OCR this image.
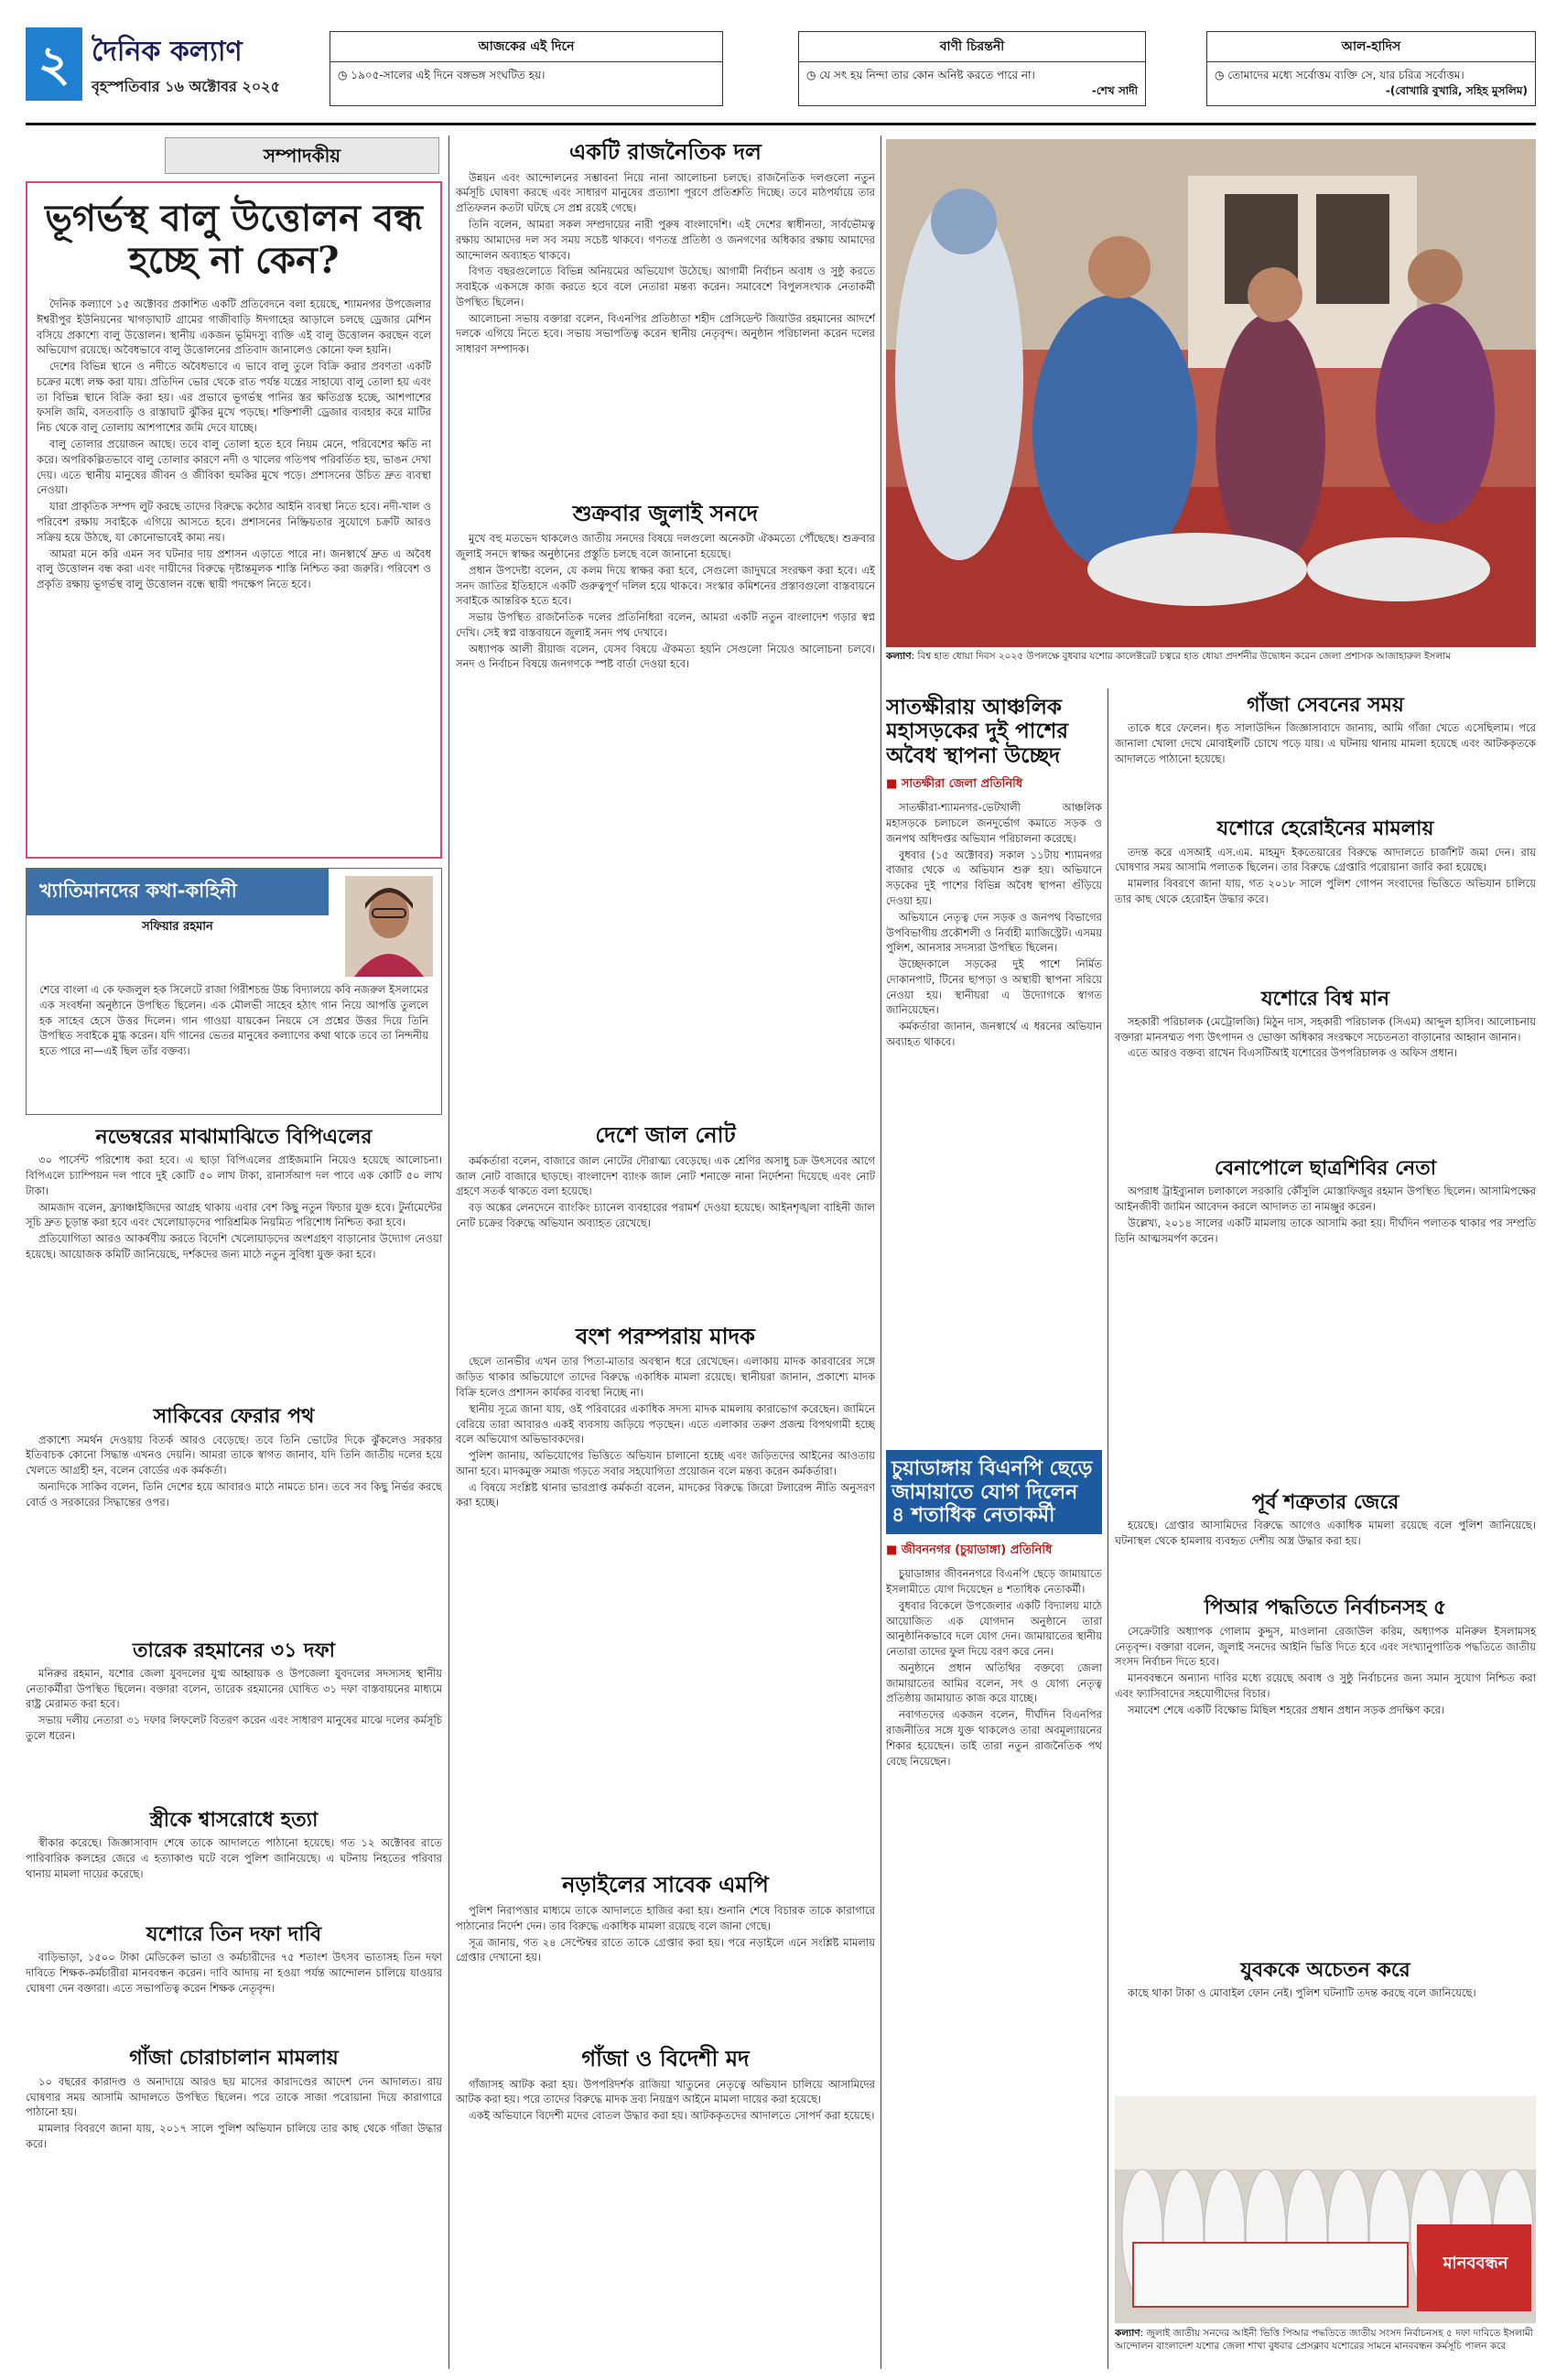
২ দৈনিক কল্যাণ
বৃহস্পতিবার ১৬ অক্টোবর ২০২৫
আজকের এই দিনে
◷ ১৯০৫-সালের এই দিনে বঙ্গভঙ্গ সংঘটিত হয়।
বাণী চিরন্তনী
◷ যে সৎ হয় নিন্দা তার কোন অনিষ্ট করতে পারে না।
-শেখ সাদী
আল-হাদিস
◷ তোমাদের মধ্যে সর্বোত্তম ব্যক্তি সে, যার চরিত্র সর্বোত্তম।
-(বোখারি বুখারি, সহিহ মুসলিম)
সম্পাদকীয়
ভূগর্ভস্থ বালু উত্তোলন বন্ধ হচ্ছে না কেন?

দৈনিক কল্যাণে ১৫ অক্টোবর প্রকাশিত একটি প্রতিবেদনে বলা হয়েছে, শ্যামনগর উপজেলার ঈশ্বরীপুর ইউনিয়নের খাগড়াঘাট গ্রামের গাজীবাড়ি ঈদগাহের আড়ালে চলছে ড্রেজার মেশিন বসিয়ে প্রকাশ্যে বালু উত্তোলন। স্থানীয় একজন ভূমিদস্যু ব্যক্তি এই বালু উত্তোলন করছেন বলে অভিযোগ রয়েছে। অবৈধভাবে বালু উত্তোলনের প্রতিবাদ জানালেও কোনো ফল হয়নি।

দেশের বিভিন্ন স্থানে ও নদীতে অবৈধভাবে এ ভাবে বালু তুলে বিক্রি করার প্রবণতা একটি চক্রের মধ্যে লক্ষ করা যায়। প্রতিদিন ভোর থেকে রাত পর্যন্ত যন্ত্রের সাহায্যে বালু তোলা হয় এবং তা বিভিন্ন স্থানে বিক্রি করা হয়। এর প্রভাবে ভূগর্ভস্থ পানির স্তর ক্ষতিগ্রস্ত হচ্ছে, আশপাশের ফসলি জমি, বসতবাড়ি ও রাস্তাঘাট ঝুঁকির মুখে পড়ছে। শক্তিশালী ড্রেজার ব্যবহার করে মাটির নিচ থেকে বালু তোলায় আশপাশের জমি দেবে যাচ্ছে।

বালু তোলার প্রয়োজন আছে। তবে বালু তোলা হতে হবে নিয়ম মেনে, পরিবেশের ক্ষতি না করে। অপরিকল্পিতভাবে বালু তোলার কারণে নদী ও খালের গতিপথ পরিবর্তিত হয়, ভাঙন দেখা দেয়। এতে স্থানীয় মানুষের জীবন ও জীবিকা হুমকির মুখে পড়ে। প্রশাসনের উচিত দ্রুত ব্যবস্থা নেওয়া।

যারা প্রাকৃতিক সম্পদ লুট করছে তাদের বিরুদ্ধে কঠোর আইনি ব্যবস্থা নিতে হবে। নদী-খাল ও পরিবেশ রক্ষায় সবাইকে এগিয়ে আসতে হবে। প্রশাসনের নিষ্ক্রিয়তার সুযোগে চক্রটি আরও সক্রিয় হয়ে উঠছে, যা কোনোভাবেই কাম্য নয়।

আমরা মনে করি এমন সব ঘটনার দায় প্রশাসন এড়াতে পারে না। জনস্বার্থে দ্রুত এ অবৈধ বালু উত্তোলন বন্ধ করা এবং দায়ীদের বিরুদ্ধে দৃষ্টান্তমূলক শাস্তি নিশ্চিত করা জরুরি। পরিবেশ ও প্রকৃতি রক্ষায় ভূগর্ভস্থ বালু উত্তোলন বন্ধে স্থায়ী পদক্ষেপ নিতে হবে।

খ্যাতিমানদের কথা-কাহিনী
সফিয়ার রহমান
শেরে বাংলা এ কে ফজলুল হক সিলেটে রাজা গিরীশচন্দ্র উচ্চ বিদ্যালয়ে কবি নজরুল ইসলামের এক সংবর্ধনা অনুষ্ঠানে উপস্থিত ছিলেন। এক মৌলভী সাহেব হঠাৎ গান নিয়ে আপত্তি তুললে হক সাহেব হেসে উত্তর দিলেন। গান গাওয়া যায়কেন নিয়মে সে প্রশ্নের উত্তর দিয়ে তিনি উপস্থিত সবাইকে মুগ্ধ করেন। যদি গানের ভেতর মানুষের কল্যাণের কথা থাকে তবে তা নিন্দনীয় হতে পারে না—এই ছিল তাঁর বক্তব্য।
নভেম্বরের মাঝামাঝিতে বিপিএলের

৩০ পার্সেন্ট পরিশোধ করা হবে। এ ছাড়া বিপিএলের প্রাইজমানি নিয়েও হয়েছে আলোচনা। বিপিএলে চ্যাম্পিয়ন দল পাবে দুই কোটি ৫০ লাখ টাকা, রানার্সআপ দল পাবে এক কোটি ৫০ লাখ টাকা।

আমজাদ বলেন, ফ্র্যাঞ্চাইজিদের আগ্রহ থাকায় এবার বেশ কিছু নতুন ফিচার যুক্ত হবে। টুর্নামেন্টের সূচি দ্রুত চূড়ান্ত করা হবে এবং খেলোয়াড়দের পারিশ্রমিক নিয়মিত পরিশোধ নিশ্চিত করা হবে।

প্রতিযোগিতা আরও আকর্ষণীয় করতে বিদেশি খেলোয়াড়দের অংশগ্রহণ বাড়ানোর উদ্যোগ নেওয়া হয়েছে। আয়োজক কমিটি জানিয়েছে, দর্শকদের জন্য মাঠে নতুন সুবিধা যুক্ত করা হবে।

সাকিবের ফেরার পথ

প্রকাশ্যে সমর্থন দেওয়ায় বিতর্ক আরও বেড়েছে। তবে তিনি ভোটের দিকে ঝুঁকলেও সরকার ইতিবাচক কোনো সিদ্ধান্ত এখনও দেয়নি। আমরা তাকে স্বাগত জানাব, যদি তিনি জাতীয় দলের হয়ে খেলতে আগ্রহী হন, বলেন বোর্ডের এক কর্মকর্তা।

অন্যদিকে সাকিব বলেন, তিনি দেশের হয়ে আবারও মাঠে নামতে চান। তবে সব কিছু নির্ভর করছে বোর্ড ও সরকারের সিদ্ধান্তের ওপর।

তারেক রহমানের ৩১ দফা

মনিরুর রহমান, যশোর জেলা যুবদলের যুগ্ম আহ্বায়ক ও উপজেলা যুবদলের সদস্যসহ স্থানীয় নেতাকর্মীরা উপস্থিত ছিলেন। বক্তারা বলেন, তারেক রহমানের ঘোষিত ৩১ দফা বাস্তবায়নের মাধ্যমে রাষ্ট্র মেরামত করা হবে।

সভায় দলীয় নেতারা ৩১ দফার লিফলেট বিতরণ করেন এবং সাধারণ মানুষের মাঝে দলের কর্মসূচি তুলে ধরেন।

স্ত্রীকে শ্বাসরোধে হত্যা

স্বীকার করেছে। জিজ্ঞাসাবাদ শেষে তাকে আদালতে পাঠানো হয়েছে। গত ১২ অক্টোবর রাতে পারিবারিক কলহের জেরে এ হত্যাকাণ্ড ঘটে বলে পুলিশ জানিয়েছে। এ ঘটনায় নিহতের পরিবার থানায় মামলা দায়ের করেছে।

যশোরে তিন দফা দাবি

বাড়িভাড়া, ১৫০০ টাকা মেডিকেল ভাতা ও কর্মচারীদের ৭৫ শতাংশ উৎসব ভাতাসহ তিন দফা দাবিতে শিক্ষক-কর্মচারীরা মানববন্ধন করেন। দাবি আদায় না হওয়া পর্যন্ত আন্দোলন চালিয়ে যাওয়ার ঘোষণা দেন বক্তারা। এতে সভাপতিত্ব করেন শিক্ষক নেতৃবৃন্দ।

গাঁজা চোরাচালান মামলায়

১০ বছরের কারাদণ্ড ও অনাদায়ে আরও ছয় মাসের কারাদণ্ডের আদেশ দেন আদালত। রায় ঘোষণার সময় আসামি আদালতে উপস্থিত ছিলেন। পরে তাকে সাজা পরোয়ানা দিয়ে কারাগারে পাঠানো হয়।

মামলার বিবরণে জানা যায়, ২০১৭ সালে পুলিশ অভিযান চালিয়ে তার কাছ থেকে গাঁজা উদ্ধার করে।

একটি রাজনৈতিক দল

উন্নয়ন এবং আন্দোলনের সম্ভাবনা নিয়ে নানা আলোচনা চলছে। রাজনৈতিক দলগুলো নতুন কর্মসূচি ঘোষণা করছে এবং সাধারণ মানুষের প্রত্যাশা পূরণে প্রতিশ্রুতি দিচ্ছে। তবে মাঠপর্যায়ে তার প্রতিফলন কতটা ঘটছে সে প্রশ্ন রয়েই গেছে।

তিনি বলেন, আমরা সকল সম্প্রদায়ের নারী পুরুষ বাংলাদেশি। এই দেশের স্বাধীনতা, সার্বভৌমত্ব রক্ষায় আমাদের দল সব সময় সচেষ্ট থাকবে। গণতন্ত্র প্রতিষ্ঠা ও জনগণের অধিকার রক্ষায় আমাদের আন্দোলন অব্যাহত থাকবে।

বিগত বছরগুলোতে বিভিন্ন অনিয়মের অভিযোগ উঠেছে। আগামী নির্বাচন অবাধ ও সুষ্ঠু করতে সবাইকে একসঙ্গে কাজ করতে হবে বলে নেতারা মন্তব্য করেন। সমাবেশে বিপুলসংখ্যক নেতাকর্মী উপস্থিত ছিলেন।

আলোচনা সভায় বক্তারা বলেন, বিএনপির প্রতিষ্ঠাতা শহীদ প্রেসিডেন্ট জিয়াউর রহমানের আদর্শে দলকে এগিয়ে নিতে হবে। সভায় সভাপতিত্ব করেন স্থানীয় নেতৃবৃন্দ। অনুষ্ঠান পরিচালনা করেন দলের সাধারণ সম্পাদক।

শুক্রবার জুলাই সনদে

মুখে বহু মতভেদ থাকলেও জাতীয় সনদের বিষয়ে দলগুলো অনেকটা ঐকমত্যে পৌঁছেছে। শুক্রবার জুলাই সনদে স্বাক্ষর অনুষ্ঠানের প্রস্তুতি চলছে বলে জানানো হয়েছে।

প্রধান উপদেষ্টা বলেন, যে কলম দিয়ে স্বাক্ষর করা হবে, সেগুলো জাদুঘরে সংরক্ষণ করা হবে। এই সনদ জাতির ইতিহাসে একটি গুরুত্বপূর্ণ দলিল হয়ে থাকবে। সংস্কার কমিশনের প্রস্তাবগুলো বাস্তবায়নে সবাইকে আন্তরিক হতে হবে।

সভায় উপস্থিত রাজনৈতিক দলের প্রতিনিধিরা বলেন, আমরা একটি নতুন বাংলাদেশ গড়ার স্বপ্ন দেখি। সেই স্বপ্ন বাস্তবায়নে জুলাই সনদ পথ দেখাবে।

অধ্যাপক আলী রীয়াজ বলেন, যেসব বিষয়ে ঐকমত্য হয়নি সেগুলো নিয়েও আলোচনা চলবে। সনদ ও নির্বাচন বিষয়ে জনগণকে স্পষ্ট বার্তা দেওয়া হবে।

দেশে জাল নোট

কর্মকর্তারা বলেন, বাজারে জাল নোটের দৌরাত্ম্য বেড়েছে। এক শ্রেণির অসাধু চক্র উৎসবের আগে জাল নোট বাজারে ছাড়ছে। বাংলাদেশ ব্যাংক জাল নোট শনাক্তে নানা নির্দেশনা দিয়েছে এবং নোট গ্রহণে সতর্ক থাকতে বলা হয়েছে।

বড় অঙ্কের লেনদেনে ব্যাংকিং চ্যানেল ব্যবহারের পরামর্শ দেওয়া হয়েছে। আইনশৃঙ্খলা বাহিনী জাল নোট চক্রের বিরুদ্ধে অভিযান অব্যাহত রেখেছে।

বংশ পরম্পরায় মাদক

ছেলে তানভীর এখন তার পিতা-মাতার অবস্থান ধরে রেখেছেন। এলাকায় মাদক কারবারের সঙ্গে জড়িত থাকার অভিযোগে তাদের বিরুদ্ধে একাধিক মামলা রয়েছে। স্থানীয়রা জানান, প্রকাশ্যে মাদক বিক্রি হলেও প্রশাসন কার্যকর ব্যবস্থা নিচ্ছে না।

স্থানীয় সূত্রে জানা যায়, ওই পরিবারের একাধিক সদস্য মাদক মামলায় কারাভোগ করেছেন। জামিনে বেরিয়ে তারা আবারও একই ব্যবসায় জড়িয়ে পড়ছেন। এতে এলাকার তরুণ প্রজন্ম বিপথগামী হচ্ছে বলে অভিযোগ অভিভাবকদের।

পুলিশ জানায়, অভিযোগের ভিত্তিতে অভিযান চালানো হচ্ছে এবং জড়িতদের আইনের আওতায় আনা হবে। মাদকমুক্ত সমাজ গড়তে সবার সহযোগিতা প্রয়োজন বলে মন্তব্য করেন কর্মকর্তারা।

এ বিষয়ে সংশ্লিষ্ট থানার ভারপ্রাপ্ত কর্মকর্তা বলেন, মাদকের বিরুদ্ধে জিরো টলারেন্স নীতি অনুসরণ করা হচ্ছে।

নড়াইলের সাবেক এমপি

পুলিশ নিরাপত্তার মাধ্যমে তাকে আদালতে হাজির করা হয়। শুনানি শেষে বিচারক তাকে কারাগারে পাঠানোর নির্দেশ দেন। তার বিরুদ্ধে একাধিক মামলা রয়েছে বলে জানা গেছে।

সূত্র জানায়, গত ২৪ সেপ্টেম্বর রাতে তাকে গ্রেপ্তার করা হয়। পরে নড়াইলে এনে সংশ্লিষ্ট মামলায় গ্রেপ্তার দেখানো হয়।

গাঁজা ও বিদেশী মদ

গাঁজাসহ আটক করা হয়। উপপরিদর্শক রাজিয়া খাতুনের নেতৃত্বে অভিযান চালিয়ে আসামিদের আটক করা হয়। পরে তাদের বিরুদ্ধে মাদক দ্রব্য নিয়ন্ত্রণ আইনে মামলা দায়ের করা হয়েছে।

একই অভিযানে বিদেশী মদের বোতল উদ্ধার করা হয়। আটককৃতদের আদালতে সোপর্দ করা হয়েছে।

কল্যাণ: বিশ্ব হাত ধোয়া দিবস ২০২৫ উপলক্ষে বুধবার যশোর কালেক্টরেট চত্বরে হাত ধোয়া প্রদর্শনীর উদ্বোধন করেন জেলা প্রশাসক আজাহারুল ইসলাম
সাতক্ষীরায় আঞ্চলিক মহাসড়কের দুই পাশের অবৈধ স্থাপনা উচ্ছেদ
■ সাতক্ষীরা জেলা প্রতিনিধি

সাতক্ষীরা-শ্যামনগর-ভেটখালী আঞ্চলিক মহাসড়কে চলাচলে জনদুর্ভোগ কমাতে সড়ক ও জনপথ অধিদপ্তর অভিযান পরিচালনা করেছে।

বুধবার (১৫ অক্টোবর) সকাল ১১টায় শ্যামনগর বাজার থেকে এ অভিযান শুরু হয়। অভিযানে সড়কের দুই পাশের বিভিন্ন অবৈধ স্থাপনা গুঁড়িয়ে দেওয়া হয়।

অভিযানে নেতৃত্ব দেন সড়ক ও জনপথ বিভাগের উপবিভাগীয় প্রকৌশলী ও নির্বাহী ম্যাজিস্ট্রেট। এসময় পুলিশ, আনসার সদস্যরা উপস্থিত ছিলেন।

উচ্ছেদকালে সড়কের দুই পাশে নির্মিত দোকানপাট, টিনের ছাপড়া ও অস্থায়ী স্থাপনা সরিয়ে নেওয়া হয়। স্থানীয়রা এ উদ্যোগকে স্বাগত জানিয়েছেন।

কর্মকর্তারা জানান, জনস্বার্থে এ ধরনের অভিযান অব্যাহত থাকবে।

চুয়াডাঙ্গায় বিএনপি ছেড়ে জামায়াতে যোগ দিলেন ৪ শতাধিক নেতাকর্মী
■ জীবননগর (চুয়াডাঙ্গা) প্রতিনিধি

চুয়াডাঙ্গার জীবননগরে বিএনপি ছেড়ে জামায়াতে ইসলামীতে যোগ দিয়েছেন ৪ শতাধিক নেতাকর্মী।

বুধবার বিকেলে উপজেলার একটি বিদ্যালয় মাঠে আয়োজিত এক যোগদান অনুষ্ঠানে তারা আনুষ্ঠানিকভাবে দলে যোগ দেন। জামায়াতের স্থানীয় নেতারা তাদের ফুল দিয়ে বরণ করে নেন।

অনুষ্ঠানে প্রধান অতিথির বক্তব্যে জেলা জামায়াতের আমির বলেন, সৎ ও যোগ্য নেতৃত্ব প্রতিষ্ঠায় জামায়াত কাজ করে যাচ্ছে।

নবাগতদের একজন বলেন, দীর্ঘদিন বিএনপির রাজনীতির সঙ্গে যুক্ত থাকলেও তারা অবমূল্যায়নের শিকার হয়েছেন। তাই তারা নতুন রাজনৈতিক পথ বেছে নিয়েছেন।

গাঁজা সেবনের সময়

তাকে ধরে ফেলেন। ধৃত সালাউদ্দিন জিজ্ঞাসাবাদে জানায়, আমি গাঁজা খেতে এসেছিলাম। পরে জানালা খোলা দেখে মোবাইলটি চোখে পড়ে যায়। এ ঘটনায় থানায় মামলা হয়েছে এবং আটককৃতকে আদালতে পাঠানো হয়েছে।

যশোরে হেরোইনের মামলায়

তদন্ত করে এসআই এস.এম. মাহমুদ ইকতেয়ারের বিরুদ্ধে আদালতে চার্জশিট জমা দেন। রায় ঘোষণার সময় আসামি পলাতক ছিলেন। তার বিরুদ্ধে গ্রেপ্তারি পরোয়ানা জারি করা হয়েছে।

মামলার বিবরণে জানা যায়, গত ২০১৮ সালে পুলিশ গোপন সংবাদের ভিত্তিতে অভিযান চালিয়ে তার কাছ থেকে হেরোইন উদ্ধার করে।

যশোরে বিশ্ব মান

সহকারী পরিচালক (মেট্রোলজি) মিঠুন দাস, সহকারী পরিচালক (সিএম) আব্দুল হাসিব। আলোচনায় বক্তারা মানসম্মত পণ্য উৎপাদন ও ভোক্তা অধিকার সংরক্ষণে সচেতনতা বাড়ানোর আহ্বান জানান।

এতে আরও বক্তব্য রাখেন বিএসটিআই যশোরের উপপরিচালক ও অফিস প্রধান।

বেনাপোলে ছাত্রশিবির নেতা

অপরাধ ট্রাইব্যুনাল চলাকালে সরকারি কৌঁসুলি মোস্তাফিজুর রহমান উপস্থিত ছিলেন। আসামিপক্ষের আইনজীবী জামিন আবেদন করলে আদালত তা নামঞ্জুর করেন।

উল্লেখ্য, ২০১৪ সালের একটি মামলায় তাকে আসামি করা হয়। দীর্ঘদিন পলাতক থাকার পর সম্প্রতি তিনি আত্মসমর্পণ করেন।

পূর্ব শত্রুতার জেরে

হয়েছে। গ্রেপ্তার আসামিদের বিরুদ্ধে আগেও একাধিক মামলা রয়েছে বলে পুলিশ জানিয়েছে। ঘটনাস্থল থেকে হামলায় ব্যবহৃত দেশীয় অস্ত্র উদ্ধার করা হয়।

পিআর পদ্ধতিতে নির্বাচনসহ ৫

সেক্রেটারি অধ্যাপক গোলাম কুদ্দুস, মাওলানা রেজাউল করিম, অধ্যাপক মনিরুল ইসলামসহ নেতৃবৃন্দ। বক্তারা বলেন, জুলাই সনদের আইনি ভিত্তি দিতে হবে এবং সংখ্যানুপাতিক পদ্ধতিতে জাতীয় সংসদ নির্বাচন দিতে হবে।

মানববন্ধনে অন্যান্য দাবির মধ্যে রয়েছে অবাধ ও সুষ্ঠু নির্বাচনের জন্য সমান সুযোগ নিশ্চিত করা এবং ফ্যাসিবাদের সহযোগীদের বিচার।

সমাবেশ শেষে একটি বিক্ষোভ মিছিল শহরের প্রধান প্রধান সড়ক প্রদক্ষিণ করে।

যুবককে অচেতন করে

কাছে থাকা টাকা ও মোবাইল ফোন নেই। পুলিশ ঘটনাটি তদন্ত করছে বলে জানিয়েছে।

মানববন্ধন
কল্যাণ: জুলাই জাতীয় সনদের আইনী ভিত্তি পিআর পদ্ধতিতে জাতীয় সংসদ নির্বাচনসহ ৫ দফা দাবিতে ইসলামী আন্দোলন বাংলাদেশ যশোর জেলা শাখা বুধবার প্রেসক্লাব যশোরের সামনে মানববন্ধন কর্মসূচি পালন করে
